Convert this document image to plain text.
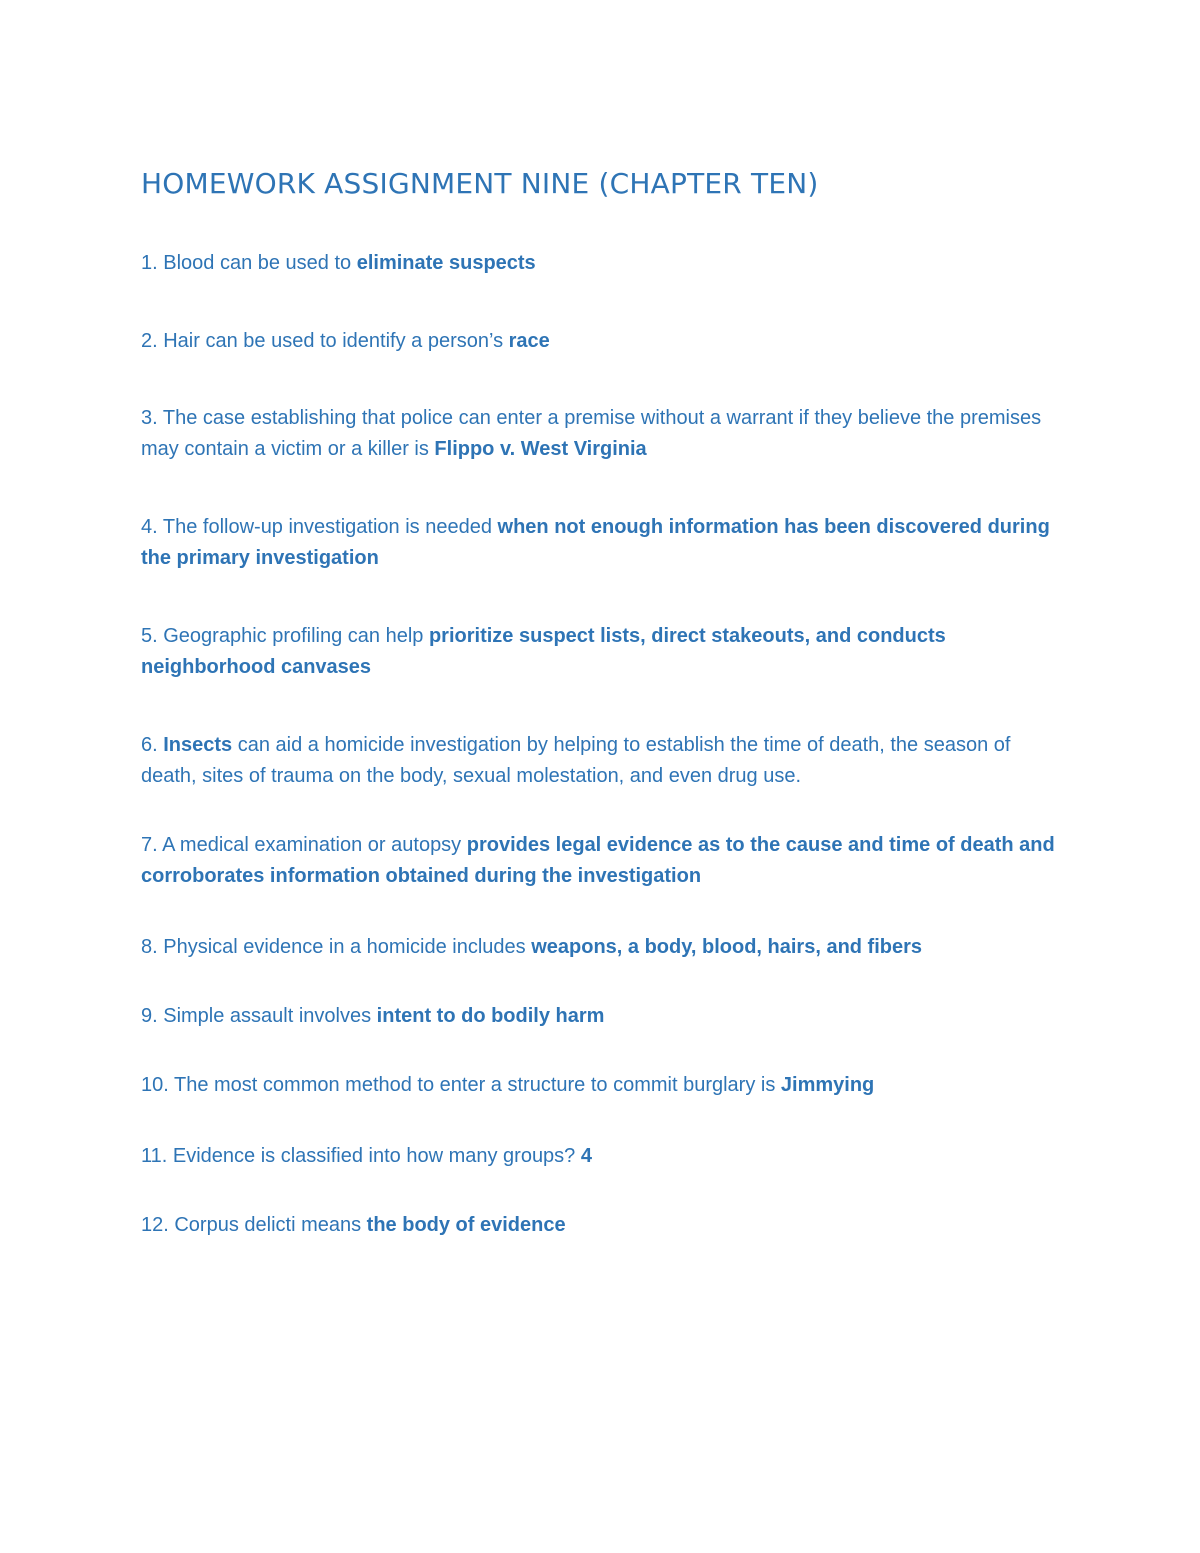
HOMEWORK ASSIGNMENT NINE (CHAPTER TEN)

1. Blood can be used to eliminate suspects

2. Hair can be used to identify a person’s race

3. The case establishing that police can enter a premise without a warrant if they believe the premises may contain a victim or a killer is Flippo v. West Virginia

4. The follow-up investigation is needed when not enough information has been discovered during the primary investigation

5. Geographic profiling can help prioritize suspect lists, direct stakeouts, and conducts neighborhood canvases

6. Insects can aid a homicide investigation by helping to establish the time of death, the season of death, sites of trauma on the body, sexual molestation, and even drug use.

7. A medical examination or autopsy provides legal evidence as to the cause and time of death and corroborates information obtained during the investigation

8. Physical evidence in a homicide includes weapons, a body, blood, hairs, and fibers

9. Simple assault involves intent to do bodily harm

10. The most common method to enter a structure to commit burglary is Jimmying

11. Evidence is classified into how many groups? 4

12. Corpus delicti means the body of evidence
